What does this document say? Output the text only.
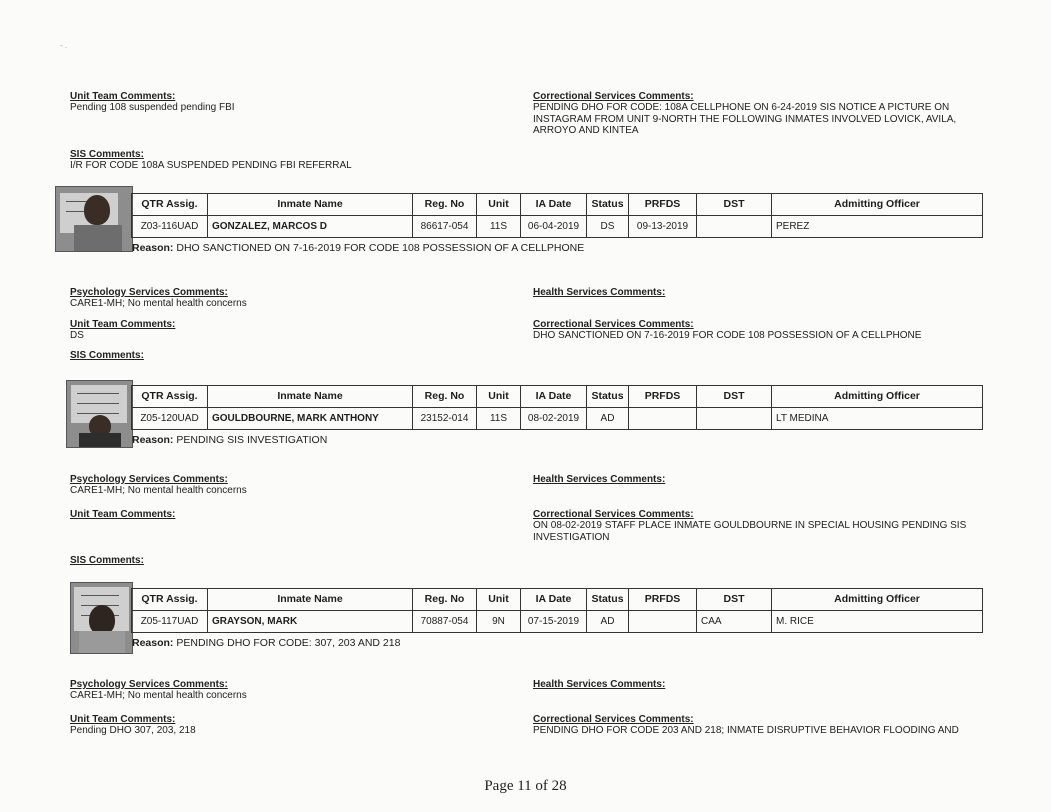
- .
Unit Team Comments:
Pending 108 suspended pending FBI
Correctional Services Comments:
PENDING DHO FOR CODE: 108A CELLPHONE ON 6-24-2019 SIS NOTICE A PICTURE ON INSTAGRAM FROM UNIT 9-NORTH THE FOLLOWING INMATES INVOLVED LOVICK, AVILA, ARROYO AND KINTEA
SIS Comments:
I/R FOR CODE 108A SUSPENDED PENDING FBI REFERRAL
QTR Assig.	Inmate Name	Reg. No	Unit	IA Date	Status	PRFDS	DST	Admitting Officer
Z03-116UAD	GONZALEZ, MARCOS D	86617-054	11S	06-04-2019	DS	09-13-2019		PEREZ
Reason: DHO SANCTIONED ON 7-16-2019 FOR CODE 108 POSSESSION OF A CELLPHONE
Psychology Services Comments:
CARE1-MH; No mental health concerns
Health Services Comments:
Unit Team Comments:
DS
Correctional Services Comments:
DHO SANCTIONED ON 7-16-2019 FOR CODE 108 POSSESSION OF A CELLPHONE
SIS Comments:
QTR Assig.	Inmate Name	Reg. No	Unit	IA Date	Status	PRFDS	DST	Admitting Officer
Z05-120UAD	GOULDBOURNE, MARK ANTHONY	23152-014	11S	08-02-2019	AD			LT MEDINA
Reason: PENDING SIS INVESTIGATION
Psychology Services Comments:
CARE1-MH; No mental health concerns
Health Services Comments:
Unit Team Comments:	Correctional Services Comments:
ON 08-02-2019 STAFF PLACE INMATE GOULDBOURNE IN SPECIAL HOUSING PENDING SIS INVESTIGATION
SIS Comments:
QTR Assig.	Inmate Name	Reg. No	Unit	IA Date	Status	PRFDS	DST	Admitting Officer
Z05-117UAD	GRAYSON, MARK	70887-054	9N	07-15-2019	AD		CAA	M. RICE
Reason: PENDING DHO FOR CODE: 307, 203 AND 218
Psychology Services Comments:
CARE1-MH; No mental health concerns
Health Services Comments:
Unit Team Comments:
Pending DHO 307, 203, 218
Correctional Services Comments:
PENDING DHO FOR CODE 203 AND 218; INMATE DISRUPTIVE BEHAVIOR FLOODING AND
Page 11 of 28
